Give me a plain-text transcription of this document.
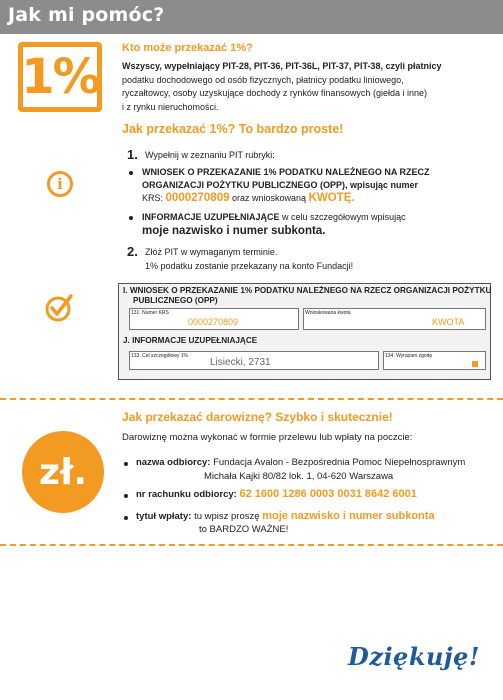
Jak mi pomóc?
1%
Kto może przekazać 1%?
Wszyscy, wypełniający PIT-28, PIT-36, PIT-36L, PIT-37, PIT-38, czyli płatnicy
podatku dochodowego od osób fizycznych, płatnicy podatku liniowego,
ryczałtowcy, osoby uzyskujące dochody z rynków finansowych (giełda i inne)
i z rynku nieruchomości.
Jak przekazać 1%? To bardzo proste!
i
1. Wypełnij w zeznaniu PIT rubryki:
WNIOSEK O PRZEKAZANIE 1% PODATKU NALEŻNEGO NA RZECZ
ORGANIZACJI POŻYTKU PUBLICZNEGO (OPP), wpisując numer
KRS: 0000270809 oraz wnioskowaną KWOTĘ.
INFORMACJE UZUPEŁNIAJĄCE w celu szczegółowym wpisując
moje nazwisko i numer subkonta.
2. Złóż PIT w wymaganym terminie.
1% podatku zostanie przekazany na konto Fundacji!
I. WNIOSEK O PRZEKAZANIE 1% PODATKU NALEŻNEGO NA RZECZ ORGANIZACJI POŻYTKU
PUBLICZNEGO (OPP)
131. Numer KRS
0000270809
Wnioskowana kwota
KWOTA
J. INFORMACJE UZUPEŁNIAJĄCE
133. Cel szczegółowy 1%
Lisiecki, 2731
134. Wyrażam zgodę
zł.
Jak przekazać darowiznę? Szybko i skutecznie!
Darowiznę można wykonać w formie przelewu lub wpłaty na poczcie:
nazwa odbiorcy: Fundacja Avalon - Bezpośrednia Pomoc Niepełnosprawnym
Michała Kajki 80/82 lok. 1, 04-620 Warszawa
nr rachunku odbiorcy: 62 1600 1286 0003 0031 8642 6001
tytuł wpłaty: tu wpisz proszę moje nazwisko i numer subkonta
to BARDZO WAŻNE!
Dziękuję!
